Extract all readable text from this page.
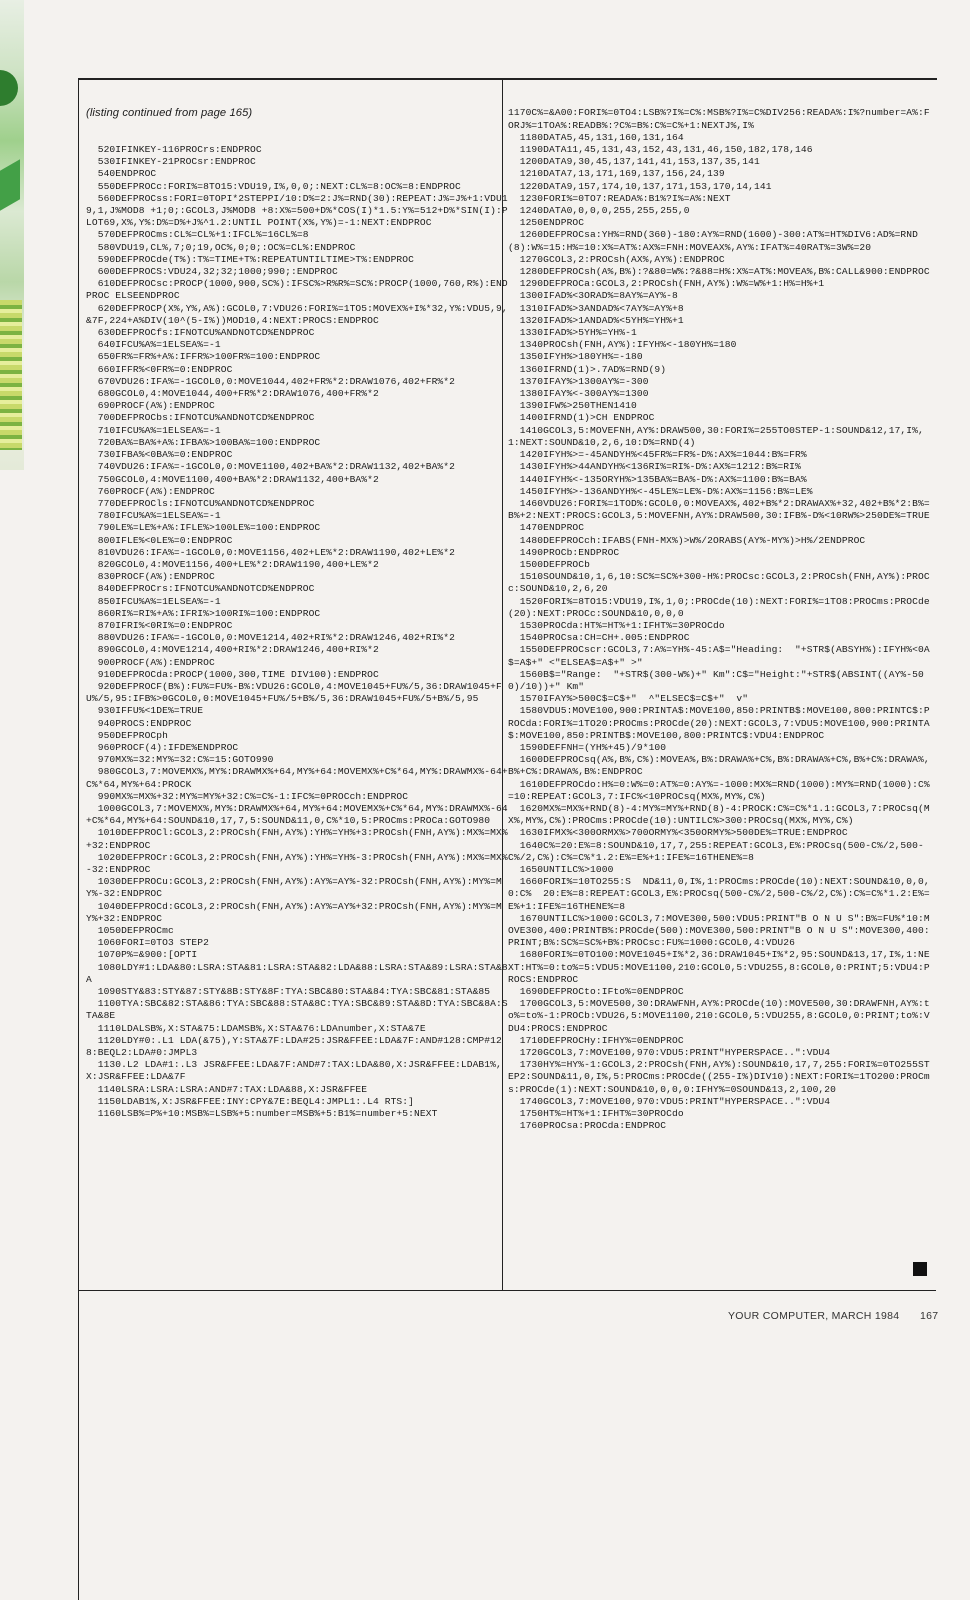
(listing continued from page 165)

520IFINKEY-116PROCrs:ENDPROC
530IFINKEY-21PROCsr:ENDPROC
540ENDPROC
550DEFPROCc:FORI%=8TO15:VDU19,I%,0,0;:NEXT:CL%=8:OC%=8:ENDPROC
560DEFPROCss:FORI=0TOPI*2STEPPI/10:D%=2:J%=RND(30):REPEAT:J%=J%+1:VDU19,1,J%MOD8 +1;0;:GCOL3,J%MOD8 +8:X%=500+D%*COS(I)*1.5:Y%=512+D%*SIN(I):PLOT69,X%,Y%:D%=D%+J%^1.2:UNTIL POINT(X%,Y%)=-1:NEXT:ENDPROC
570DEFPROCms:CL%=CL%+1:IFCL%=16CL%=8
580VDU19,CL%,7;0;19,OC%,0;0;:OC%=CL%:ENDPROC
590DEFPROCde(T%):T%=TIME+T%:REPEATUNTILTIME>T%:ENDPROC
600DEFPROCS:VDU24,32;32;1000;990;:ENDPROC
610DEFPROCsc:PROCP(1000,900,SC%):IFSC%>R%R%=SC%:PROCP(1000,760,R%):ENDPROC ELSEENDPROC
620DEFPROCP(X%,Y%,A%):GCOL0,7:VDU26:FORI%=1TO5:MOVEX%+I%*32,Y%:VDU5,9,&7F,224+A%DIV(10^(5-I%))MOD10,4:NEXT:PROCS:ENDPROC
630DEFPROCfs:IFNOTCU%ANDNOTCD%ENDPROC
640IFCU%A%=1ELSEA%=-1
650FR%=FR%+A%:IFFR%>100FR%=100:ENDPROC
660IFFR%<0FR%=0:ENDPROC
670VDU26:IFA%=-1GCOL0,0:MOVE1044,402+FR%*2:DRAW1076,402+FR%*2
680GCOL0,4:MOVE1044,400+FR%*2:DRAW1076,400+FR%*2
690PROCF(A%):ENDPROC
700DEFPROCbs:IFNOTCU%ANDNOTCD%ENDPROC
710IFCU%A%=1ELSEA%=-1
720BA%=BA%+A%:IFBA%>100BA%=100:ENDPROC
730IFBA%<0BA%=0:ENDPROC
740VDU26:IFA%=-1GCOL0,0:MOVE1100,402+BA%*2:DRAW1132,402+BA%*2
750GCOL0,4:MOVE1100,400+BA%*2:DRAW1132,400+BA%*2
760PROCF(A%):ENDPROC
770DEFPROCls:IFNOTCU%ANDNOTCD%ENDPROC
780IFCU%A%=1ELSEA%=-1
790LE%=LE%+A%:IFLE%>100LE%=100:ENDPROC
800IFLE%<0LE%=0:ENDPROC
810VDU26:IFA%=-1GCOL0,0:MOVE1156,402+LE%*2:DRAW1190,402+LE%*2
820GCOL0,4:MOVE1156,400+LE%*2:DRAW1190,400+LE%*2
830PROCF(A%):ENDPROC
840DEFPROCrs:IFNOTCU%ANDNOTCD%ENDPROC
850IFCU%A%=1ELSEA%=-1
860RI%=RI%+A%:IFRI%>100RI%=100:ENDPROC
870IFRI%<0RI%=0:ENDPROC
880VDU26:IFA%=-1GCOL0,0:MOVE1214,402+RI%*2:DRAW1246,402+RI%*2
890GCOL0,4:MOVE1214,400+RI%*2:DRAW1246,400+RI%*2
900PROCF(A%):ENDPROC
910DEFPROCda:PROCP(1000,300,TIME DIV100):ENDPROC
920DEFPROCF(B%):FU%=FU%-B%:VDU26:GCOL0,4:MOVE1045+FU%/5,36:DRAW1045+FU%/5,95:IFB%>0GCOL0,0:MOVE1045+FU%/5+B%/5,36:DRAW1045+FU%/5+B%/5,95
930IFFU%<1DE%=TRUE
940PROCS:ENDPROC
950DEFPROCph
960PROCF(4):IFDE%ENDPROC
970MX%=32:MY%=32:C%=15:GOTO990
980GCOL3,7:MOVEMX%,MY%:DRAWMX%+64,MY%+64:MOVEMX%+C%*64,MY%:DRAWMX%-64+C%*64,MY%+64:PROCK
990MX%=MX%+32:MY%=MY%+32:C%=C%-1:IFC%=0PROCch:ENDPROC
1000GCOL3,7:MOVEMX%,MY%:DRAWMX%+64,MY%+64:MOVEMX%+C%*64,MY%:DRAWMX%-64+C%*64,MY%+64:SOUND&10,17,7,5:SOUND&11,0,C%*10,5:PROCms:PROCa:GOTO980
1010DEFPROCl:GCOL3,2:PROCsh(FNH,AY%):YH%=YH%+3:PROCsh(FNH,AY%):MX%=MX%+32:ENDPROC
1020DEFPROCr:GCOL3,2:PROCsh(FNH,AY%):YH%=YH%-3:PROCsh(FNH,AY%):MX%=MX%-32:ENDPROC
1030DEFPROCu:GCOL3,2:PROCsh(FNH,AY%):AY%=AY%-32:PROCsh(FNH,AY%):MY%=MY%-32:ENDPROC
1040DEFPROCd:GCOL3,2:PROCsh(FNH,AY%):AY%=AY%+32:PROCsh(FNH,AY%):MY%=MY%+32:ENDPROC
1050DEFPROCmc
1060FORI=0TO3 STEP2
1070P%=&900:[OPTI
1080LDY#1:LDA&80:LSRA:STA&81:LSRA:STA&82:LDA&88:LSRA:STA&89:LSRA:STA&8A
1090STY&83:STY&87:STY&8B:STY&8F:TYA:SBC&80:STA&84:TYA:SBC&81:STA&85
1100TYA:SBC&82:STA&86:TYA:SBC&88:STA&8C:TYA:SBC&89:STA&8D:TYA:SBC&8A:STA&8E
1110LDALSB%,X:STA&75:LDAMSB%,X:STA&76:LDAnumber,X:STA&7E
1120LDY#0:.L1 LDA(&75),Y:STA&7F:LDA#25:JSR&FFEE:LDA&7F:AND#128:CMP#128:BEQL2:LDA#0:JMPL3
1130.L2 LDA#1:.L3 JSR&FFEE:LDA&7F:AND#7:TAX:LDA&80,X:JSR&FFEE:LDAB1%,X:JSR&FFEE:LDA&7F
1140LSRA:LSRA:LSRA:AND#7:TAX:LDA&88,X:JSR&FFEE
1150LDAB1%,X:JSR&FFEE:INY:CPY&7E:BEQL4:JMPL1:.L4 RTS:]
1160LSB%=P%+10:MSB%=LSB%+5:number=MSB%+5:B1%=number+5:NEXT

1170C%=&A00:FORI%=0TO4:LSB%?I%=C%:MSB%?I%=C%DIV256:READA%:I%?number=A%:FORJ%=1TOA%:READB%:?C%=B%:C%=C%+1:NEXTJ%,I%
1180DATA5,45,131,160,131,164
1190DATA11,45,131,43,152,43,131,46,150,182,178,146
1200DATA9,30,45,137,141,41,153,137,35,141
1210DATA7,13,171,169,137,156,24,139
1220DATA9,157,174,10,137,171,153,170,14,141
1230FORI%=0TO7:READA%:B1%?I%=A%:NEXT
1240DATA0,0,0,0,255,255,255,0
1250ENDPROC
1260DEFPROCsa:YH%=RND(360)-180:AY%=RND(1600)-300:AT%=HT%DIV6:AD%=RND(8):W%=15:H%=10:X%=AT%:AX%=FNH:MOVEAX%,AY%:IFAT%=40RAT%=3W%=20
1270GCOL3,2:PROCsh(AX%,AY%):ENDPROC
1280DEFPROCsh(A%,B%):?&80=W%:?&88=H%:X%=AT%:MOVEA%,B%:CALL&900:ENDPROC
1290DEFPROCa:GCOL3,2:PROCsh(FNH,AY%):W%=W%+1:H%=H%+1
1300IFAD%<3ORAD%=8AY%=AY%-8
1310IFAD%>3ANDAD%<7AY%=AY%+8
1320IFAD%>1ANDAD%<5YH%=YH%+1
1330IFAD%>5YH%=YH%-1
1340PROCsh(FNH,AY%):IFYH%<-180YH%=180
1350IFYH%>180YH%=-180
1360IFRND(1)>.7AD%=RND(9)
1370IFAY%>1300AY%=-300
1380IFAY%<-300AY%=1300
1390IFW%>250THEN1410
1400IFRND(1)>CH ENDPROC
1410GCOL3,5:MOVEFNH,AY%:DRAW500,30:FORI%=255TO0STEP-1:SOUND&12,17,I%,1:NEXT:SOUND&10,2,6,10:D%=RND(4)
1420IFYH%>=-45ANDYH%<45FR%=FR%-D%:AX%=1044:B%=FR%
1430IFYH%>44ANDYH%<136RI%=RI%-D%:AX%=1212:B%=RI%
1440IFYH%<-135ORYH%>135BA%=BA%-D%:AX%=1100:B%=BA%
1450IFYH%>-136ANDYH%<-45LE%=LE%-D%:AX%=1156:B%=LE%
1460VDU26:FORI%=1TOD%:GCOL0,0:MOVEAX%,402+B%*2:DRAWAX%+32,402+B%*2:B%=B%+2:NEXT:PROCS:GCOL3,5:MOVEFNH,AY%:DRAW500,30:IFB%-D%<10RW%>250DE%=TRUE
1470ENDPROC
1480DEFPROCch:IFABS(FNH-MX%)>W%/2ORABS(AY%-MY%)>H%/2ENDPROC
1490PROCb:ENDPROC
1500DEFPROCb
1510SOUND&10,1,6,10:SC%=SC%+300-H%:PROCsc:GCOL3,2:PROCsh(FNH,AY%):PROCc:SOUND&10,2,6,20
1520FORI%=8TO15:VDU19,I%,1,0;:PROCde(10):NEXT:FORI%=1TO8:PROCms:PROCde(20):NEXT:PROCc:SOUND&10,0,0,0
1530PROCda:HT%=HT%+1:IFHT%=30PROCdo
1540PROCsa:CH=CH+.005:ENDPROC
1550DEFPROCscr:GCOL3,7:A%=YH%-45:A$="Heading:  "+STR$(ABSYH%):IFYH%<0A$=A$+" <"ELSEA$=A$+" >"
1560B$="Range:  "+STR$(300-W%)+" Km":C$="Height:"+STR$(ABSINT((AY%-500)/10))+" Km"
1570IFAY%>500C$=C$+"  ^"ELSEC$=C$+"  v"
1580VDU5:MOVE100,900:PRINTA$:MOVE100,850:PRINTB$:MOVE100,800:PRINTC$:PROCda:FORI%=1TO20:PROCms:PROCde(20):NEXT:GCOL3,7:VDU5:MOVE100,900:PRINTA$:MOVE100,850:PRINTB$:MOVE100,800:PRINTC$:VDU4:ENDPROC
1590DEFFNH=(YH%+45)/9*100
1600DEFPROCsq(A%,B%,C%):MOVEA%,B%:DRAWA%+C%,B%:DRAWA%+C%,B%+C%:DRAWA%,B%+C%:DRAWA%,B%:ENDPROC
1610DEFPROCdo:H%=0:W%=0:AT%=0:AY%=-1000:MX%=RND(1000):MY%=RND(1000):C%=10:REPEAT:GCOL3,7:IFC%<10PROCsq(MX%,MY%,C%)
1620MX%=MX%+RND(8)-4:MY%=MY%+RND(8)-4:PROCK:C%=C%*1.1:GCOL3,7:PROCsq(MX%,MY%,C%):PROCms:PROCde(10):UNTILC%>300:PROCsq(MX%,MY%,C%)
1630IFMX%<300ORMX%>700ORMY%<350ORMY%>500DE%=TRUE:ENDPROC
1640C%=20:E%=8:SOUND&10,17,7,255:REPEAT:GCOL3,E%:PROCsq(500-C%/2,500-C%/2,C%):C%=C%*1.2:E%=E%+1:IFE%=16THENE%=8
1650UNTILC%>1000
1660FORI%=10TO255:S  ND&11,0,I%,1:PROCms:PROCde(10):NEXT:SOUND&10,0,0,0:C%  20:E%=8:REPEAT:GCOL3,E%:PROCsq(500-C%/2,500-C%/2,C%):C%=C%*1.2:E%=E%+1:IFE%=16THENE%=8
1670UNTILC%>1000:GCOL3,7:MOVE300,500:VDU5:PRINT"B O N U S":B%=FU%*10:MOVE300,400:PRINTB%:PROCde(500):MOVE300,500:PRINT"B O N U S":MOVE300,400:PRINT;B%:SC%=SC%+B%:PROCsc:FU%=1000:GCOL0,4:VDU26
1680FORI%=0TO100:MOVE1045+I%*2,36:DRAW1045+I%*2,95:SOUND&13,17,I%,1:NEXT:HT%=0:to%=5:VDU5:MOVE1100,210:GCOL0,5:VDU255,8:GCOL0,0:PRINT;5:VDU4:PROCS:ENDPROC
1690DEFPROCto:IFto%=0ENDPROC
1700GCOL3,5:MOVE500,30:DRAWFNH,AY%:PROCde(10):MOVE500,30:DRAWFNH,AY%:to%=to%-1:PROCb:VDU26,5:MOVE1100,210:GCOL0,5:VDU255,8:GCOL0,0:PRINT;to%:VDU4:PROCS:ENDPROC
1710DEFPROCHy:IFHY%=0ENDPROC
1720GCOL3,7:MOVE100,970:VDU5:PRINT"HYPERSPACE..":VDU4
1730HY%=HY%-1:GCOL3,2:PROCsh(FNH,AY%):SOUND&10,17,7,255:FORI%=0TO255STEP2:SOUND&11,0,I%,5:PROCms:PROCde((255-I%)DIV10):NEXT:FORI%=1TO200:PROCms:PROCde(1):NEXT:SOUND&10,0,0,0:IFHY%=0SOUND&13,2,100,20
1740GCOL3,7:MOVE100,970:VDU5:PRINT"HYPERSPACE..":VDU4
1750HT%=HT%+1:IFHT%=30PROCdo
1760PROCsa:PROCda:ENDPROC

YOUR COMPUTER, MARCH 1984 167
